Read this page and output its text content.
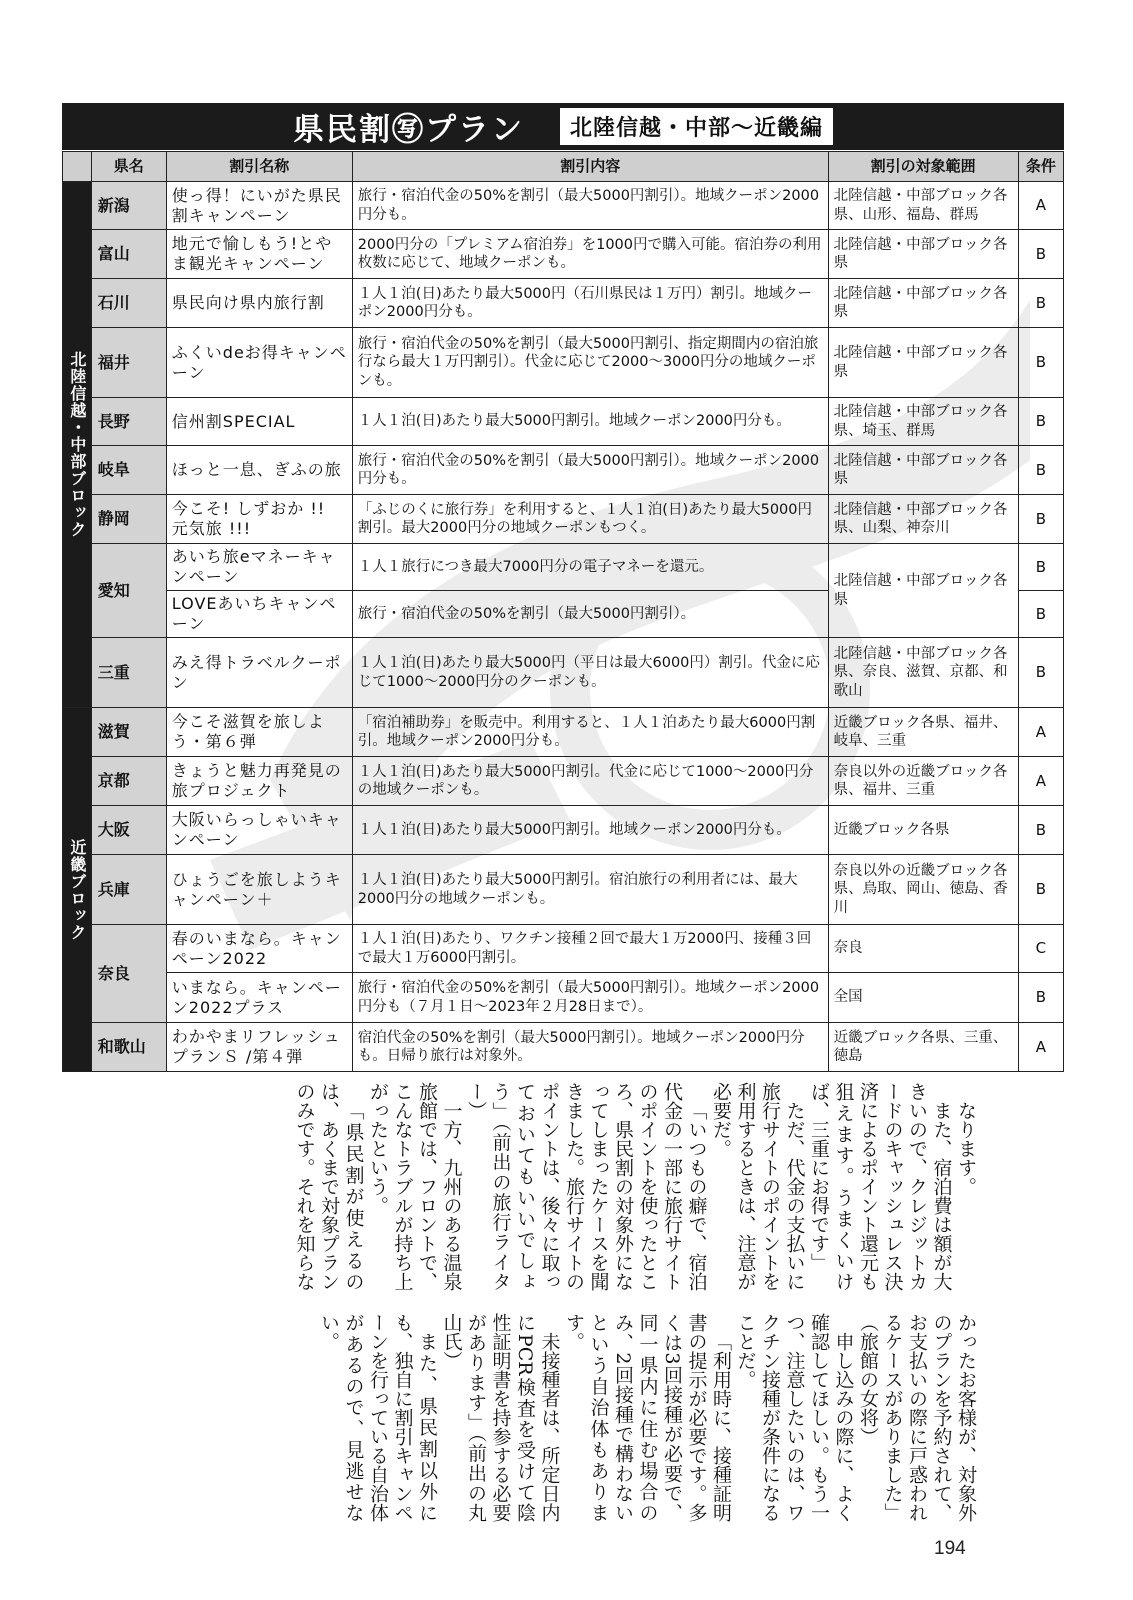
県民割㊢プラン	北陸信越・中部〜近畿編
	県名	割引名称	割引内容	割引の対象範囲	条件
北陸信越・中部ブロック	新潟	使っ得！にいがた県民割キャンペーン	旅行・宿泊代金の50%を割引（最大5000円割引）。地域クーポン2000円分も。	北陸信越・中部ブロック各県、山形、福島、群馬	A
	富山	地元で愉しもう!とやま観光キャンペーン	2000円分の「プレミアム宿泊券」を1000円で購入可能。宿泊券の利用枚数に応じて、地域クーポンも。	北陸信越・中部ブロック各県	B
	石川	県民向け県内旅行割	１人１泊(日)あたり最大5000円（石川県民は１万円）割引。地域クーポン2000円分も。	北陸信越・中部ブロック各県	B
	福井	ふくいdeお得キャンペーン	旅行・宿泊代金の50%を割引（最大5000円割引、指定期間内の宿泊旅行なら最大１万円割引）。代金に応じて2000〜3000円分の地域クーポンも。	北陸信越・中部ブロック各県	B
	長野	信州割SPECIAL	１人１泊(日)あたり最大5000円割引。地域クーポン2000円分も。	北陸信越・中部ブロック各県、埼玉、群馬	B
	岐阜	ほっと一息、ぎふの旅	旅行・宿泊代金の50%を割引（最大5000円割引）。地域クーポン2000円分も。	北陸信越・中部ブロック各県	B
	静岡	今こそ! しずおか !! 元気旅 !!!	「ふじのくに旅行券」を利用すると、１人１泊(日)あたり最大5000円割引。最大2000円分の地域クーポンもつく。	北陸信越・中部ブロック各県、山梨、神奈川	B
	愛知	あいち旅eマネーキャンペーン	１人１旅行につき最大7000円分の電子マネーを還元。	北陸信越・中部ブロック各県	B
		LOVEあいちキャンペーン	旅行・宿泊代金の50%を割引（最大5000円割引）。		B
	三重	みえ得トラベルクーポン	１人１泊(日)あたり最大5000円（平日は最大6000円）割引。代金に応じて1000〜2000円分のクーポンも。	北陸信越・中部ブロック各県、奈良、滋賀、京都、和歌山	B
近畿ブロック	滋賀	今こそ滋賀を旅しよう・第６弾	「宿泊補助券」を販売中。利用すると、１人１泊あたり最大6000円割引。地域クーポン2000円分も。	近畿ブロック各県、福井、岐阜、三重	A
	京都	きょうと魅力再発見の旅プロジェクト	１人１泊(日)あたり最大5000円割引。代金に応じて1000〜2000円分の地域クーポンも。	奈良以外の近畿ブロック各県、福井、三重	A
	大阪	大阪いらっしゃいキャンペーン	１人１泊(日)あたり最大5000円割引。地域クーポン2000円分も。	近畿ブロック各県	B
	兵庫	ひょうごを旅しようキャンペーン＋	１人１泊(日)あたり最大5000円割引。宿泊旅行の利用者には、最大2000円分の地域クーポンも。	奈良以外の近畿ブロック各県、鳥取、岡山、徳島、香川	B
	奈良	春のいまなら。キャンペーン2022	１人１泊(日)あたり、ワクチン接種２回で最大１万2000円、接種３回で最大１万6000円割引。	奈良	C
		いまなら。キャンペーン2022プラス	旅行・宿泊代金の50%を割引（最大5000円割引）。地域クーポン2000円分も（７月１日〜2023年２月28日まで）。	全国	B
	和歌山	わかやまリフレッシュプランＳ /第４弾	宿泊代金の50%を割引（最大5000円割引）。地域クーポン2000円分も。日帰り旅行は対象外。	近畿ブロック各県、三重、徳島	A

なります。

また、宿泊費は額が大きいので、クレジットカードのキャッシュレス決済によるポイント還元も狙えます。うまくいけば、三重にお得です」

ただ、代金の支払いに旅行サイトのポイントを利用するときは、注意が必要だ。

「いつもの癖で、宿泊代金の一部に旅行サイトのポイントを使ったところ、県民割の対象外になってしまったケースを聞きました。旅行サイトのポイントは、後々に取っておいてもいいでしょう」（前出の旅行ライター）

一方、九州のある温泉旅館では、フロントで、こんなトラブルが持ち上がったという。

「県民割が使えるのは、あくまで対象プランのみです。それを知らなかったお客様が、対象外のプランを予約されて、お支払いの際に戸惑われるケースがありました」（旅館の女将）

申し込みの際に、よく確認してほしい。もう一つ、注意したいのは、ワクチン接種が条件になることだ。

「利用時に、接種証明書の提示が必要です。多くは3回接種が必要で、同一県内に住む場合のみ、2回接種で構わないという自治体もあります。

未接種者は、所定日内にPCR検査を受けて陰性証明書を持参する必要があります」（前出の丸山氏）

また、県民割以外にも、独自に割引キャンペーンを行っている自治体があるので、見逃せない。

194
